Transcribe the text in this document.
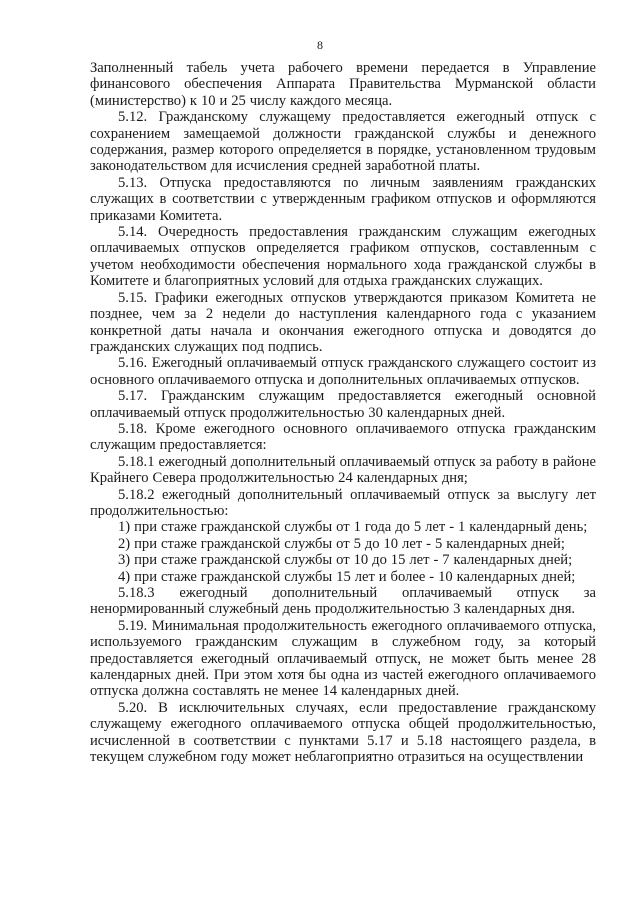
8

Заполненный табель учета рабочего времени передается в Управление финансового обеспечения Аппарата Правительства Мурманской области (министерство) к 10 и 25 числу каждого месяца.

5.12. Гражданскому служащему предоставляется ежегодный отпуск с сохранением замещаемой должности гражданской службы и денежного содержания, размер которого определяется в порядке, установленном трудовым законодательством для исчисления средней заработной платы.

5.13. Отпуска предоставляются по личным заявлениям гражданских служащих в соответствии с утвержденным графиком отпусков и оформляются приказами Комитета.

5.14. Очередность предоставления гражданским служащим ежегодных оплачиваемых отпусков определяется графиком отпусков, составленным с учетом необходимости обеспечения нормального хода гражданской службы в Комитете и благоприятных условий для отдыха гражданских служащих.

5.15. Графики ежегодных отпусков утверждаются приказом Комитета не позднее, чем за 2 недели до наступления календарного года с указанием конкретной даты начала и окончания ежегодного отпуска и доводятся до гражданских служащих под подпись.

5.16. Ежегодный оплачиваемый отпуск гражданского служащего состоит из основного оплачиваемого отпуска и дополнительных оплачиваемых отпусков.

5.17. Гражданским служащим предоставляется ежегодный основной оплачиваемый отпуск продолжительностью 30 календарных дней.

5.18. Кроме ежегодного основного оплачиваемого отпуска гражданским служащим предоставляется:

5.18.1 ежегодный дополнительный оплачиваемый отпуск за работу в районе Крайнего Севера продолжительностью 24 календарных дня;

5.18.2 ежегодный дополнительный оплачиваемый отпуск за выслугу лет продолжительностью:

1) при стаже гражданской службы от 1 года до 5 лет - 1 календарный день;

2) при стаже гражданской службы от 5 до 10 лет - 5 календарных дней;

3) при стаже гражданской службы от 10 до 15 лет - 7 календарных дней;

4) при стаже гражданской службы 15 лет и более - 10 календарных дней;

5.18.3 ежегодный дополнительный оплачиваемый отпуск за ненормированный служебный день продолжительностью 3 календарных дня.

5.19. Минимальная продолжительность ежегодного оплачиваемого отпуска, используемого гражданским служащим в служебном году, за который предоставляется ежегодный оплачиваемый отпуск, не может быть менее 28 календарных дней. При этом хотя бы одна из частей ежегодного оплачиваемого отпуска должна составлять не менее 14 календарных дней.

5.20. В исключительных случаях, если предоставление гражданскому служащему ежегодного оплачиваемого отпуска общей продолжительностью, исчисленной в соответствии с пунктами 5.17 и 5.18 настоящего раздела, в текущем служебном году может неблагоприятно отразиться на осуществлении
